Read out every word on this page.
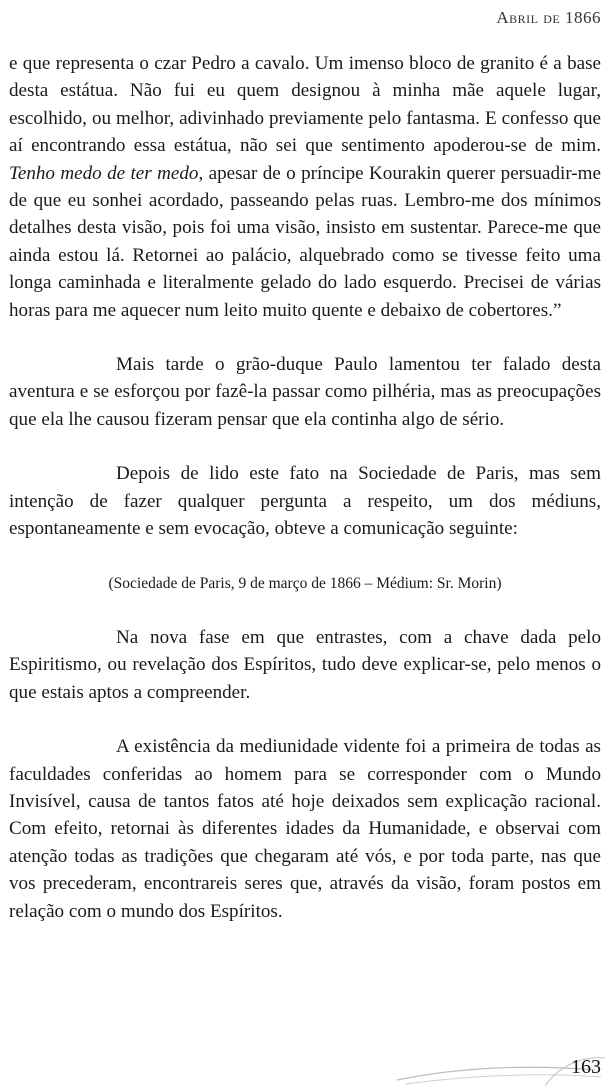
Abril de 1866

e que representa o czar Pedro a cavalo. Um imenso bloco de granito é a base desta estátua. Não fui eu quem designou à minha mãe aquele lugar, escolhido, ou melhor, adivinhado previamente pelo fantasma. E confesso que aí encontrando essa estátua, não sei que sentimento apoderou-se de mim. Tenho medo de ter medo, apesar de o príncipe Kourakin querer persuadir-me de que eu sonhei acordado, passeando pelas ruas. Lembro-me dos mínimos detalhes desta visão, pois foi uma visão, insisto em sustentar. Parece-me que ainda estou lá. Retornei ao palácio, alquebrado como se tivesse feito uma longa caminhada e literalmente gelado do lado esquerdo. Precisei de várias horas para me aquecer num leito muito quente e debaixo de cobertores.”

Mais tarde o grão-duque Paulo lamentou ter falado desta aventura e se esforçou por fazê-la passar como pilhéria, mas as preocupações que ela lhe causou fizeram pensar que ela continha algo de sério.

Depois de lido este fato na Sociedade de Paris, mas sem intenção de fazer qualquer pergunta a respeito, um dos médiuns, espontaneamente e sem evocação, obteve a comunicação seguinte:

(Sociedade de Paris, 9 de março de 1866 – Médium: Sr. Morin)

Na nova fase em que entrastes, com a chave dada pelo Espiritismo, ou revelação dos Espíritos, tudo deve explicar-se, pelo menos o que estais aptos a compreender.

A existência da mediunidade vidente foi a primeira de todas as faculdades conferidas ao homem para se corresponder com o Mundo Invisível, causa de tantos fatos até hoje deixados sem explicação racional. Com efeito, retornai às diferentes idades da Humanidade, e observai com atenção todas as tradições que chegaram até vós, e por toda parte, nas que vos precederam, encontrareis seres que, através da visão, foram postos em relação com o mundo dos Espíritos.

163
